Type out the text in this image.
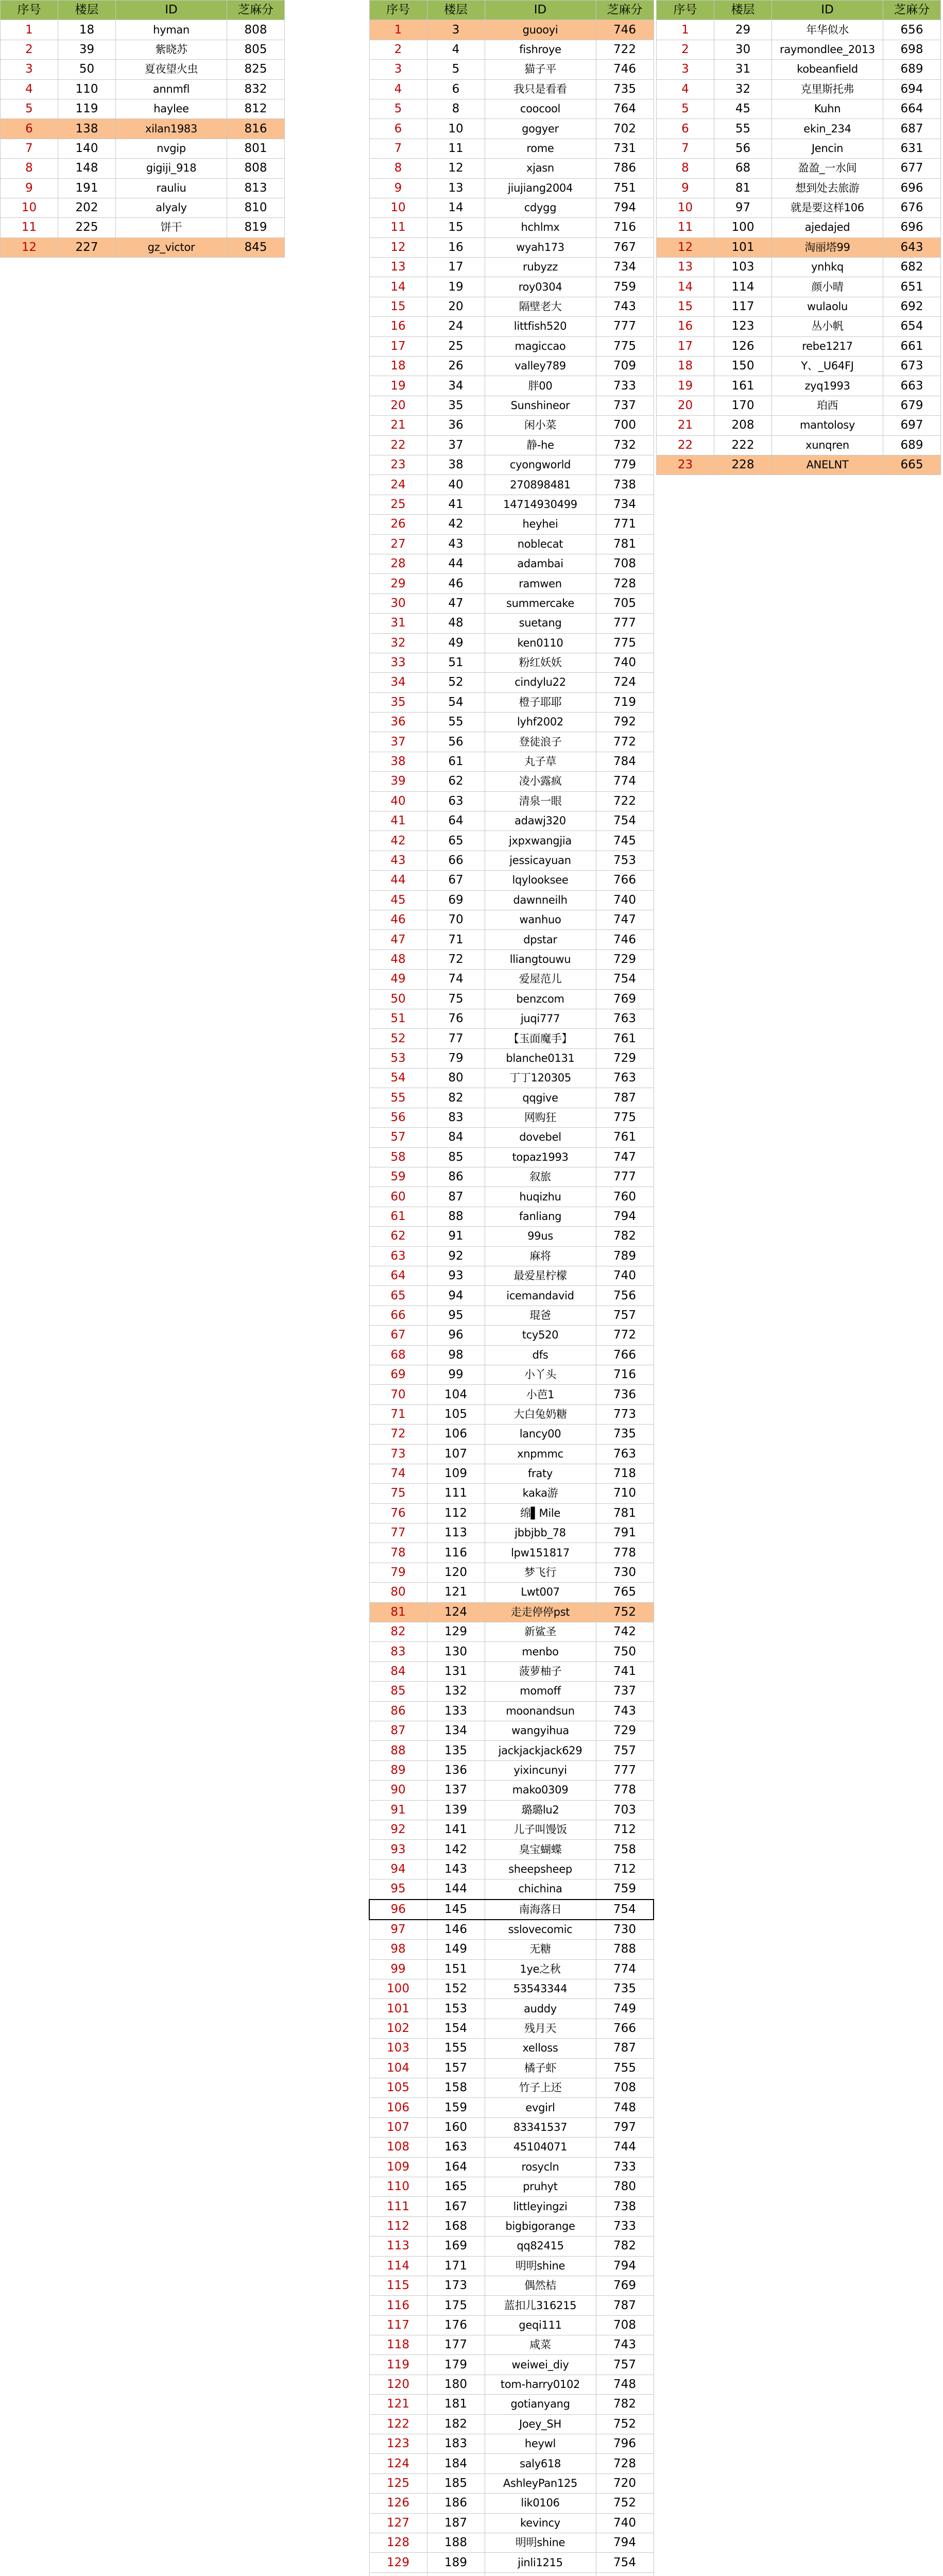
序号	楼层	ID	芝麻分
1	18	hyman	808
2	39	紫晓苏	805
3	50	夏夜望火虫	825
4	110	annmfl	832
5	119	haylee	812
6	138	xilan1983	816
7	140	nvgip	801
8	148	gigiji_918	808
9	191	rauliu	813
10	202	alyaly	810
11	225	饼干	819
12	227	gz_victor	845
序号	楼层	ID	芝麻分
1	3	guooyi	746
2	4	fishroye	722
3	5	猫子平	746
4	6	我只是看看	735
5	8	coocool	764
6	10	gogyer	702
7	11	rome	731
8	12	xjasn	786
9	13	jiujiang2004	751
10	14	cdygg	794
11	15	hchlmx	716
12	16	wyah173	767
13	17	rubyzz	734
14	19	roy0304	759
15	20	隔壁老大	743
16	24	littfish520	777
17	25	magiccao	775
18	26	valley789	709
19	34	胖00	733
20	35	Sunshineor	737
21	36	闲小菜	700
22	37	静-he	732
23	38	cyongworld	779
24	40	270898481	738
25	41	14714930499	734
26	42	heyhei	771
27	43	noblecat	781
28	44	adambai	708
29	46	ramwen	728
30	47	summercake	705
31	48	suetang	777
32	49	ken0110	775
33	51	粉红妖妖	740
34	52	cindylu22	724
35	54	橙子耶耶	719
36	55	lyhf2002	792
37	56	登徒浪子	772
38	61	丸子草	784
39	62	凌小露疯	774
40	63	清泉一眼	722
41	64	adawj320	754
42	65	jxpxwangjia	745
43	66	jessicayuan	753
44	67	lqylooksee	766
45	69	dawnneilh	740
46	70	wanhuo	747
47	71	dpstar	746
48	72	lliangtouwu	729
49	74	爱屋范儿	754
50	75	benzcom	769
51	76	juqi777	763
52	77	【玉面魔手】	761
53	79	blanche0131	729
54	80	丁丁120305	763
55	82	qqgive	787
56	83	网购狂	775
57	84	dovebel	761
58	85	topaz1993	747
59	86	叙旅	777
60	87	huqizhu	760
61	88	fanliang	794
62	91	99us	782
63	92	麻将	789
64	93	最爱星柠檬	740
65	94	icemandavid	756
66	95	琨爸	757
67	96	tcy520	772
68	98	dfs	766
69	99	小丫头	716
70	104	小芭1	736
71	105	大白兔奶糖	773
72	106	lancy00	735
73	107	xnpmmc	763
74	109	fraty	718
75	111	kaka游	710
76	112	绵▌Mile	781
77	113	jbbjbb_78	791
78	116	lpw151817	778
79	120	梦飞行	730
80	121	Lwt007	765
81	124	走走停停pst	752
82	129	新鲨圣	742
83	130	menbo	750
84	131	菠萝柚子	741
85	132	momoff	737
86	133	moonandsun	743
87	134	wangyihua	729
88	135	jackjackjack629	757
89	136	yixincunyi	777
90	137	mako0309	778
91	139	璐璐lu2	703
92	141	儿子叫馒饭	712
93	142	臭宝蝴蝶	758
94	143	sheepsheep	712
95	144	chichina	759
96	145	南海落日	754
97	146	sslovecomic	730
98	149	无糖	788
99	151	1ye之秋	774
100	152	53543344	735
101	153	auddy	749
102	154	残月天	766
103	155	xelloss	787
104	157	橘子虾	755
105	158	竹子上还	708
106	159	evgirl	748
107	160	83341537	797
108	163	45104071	744
109	164	rosycln	733
110	165	pruhyt	780
111	167	littleyingzi	738
112	168	bigbigorange	733
113	169	qq82415	782
114	171	明明shine	794
115	173	偶然桔	769
116	175	蓝扣儿316215	787
117	176	geqi111	708
118	177	咸菜	743
119	179	weiwei_diy	757
120	180	tom-harry0102	748
121	181	gotianyang	782
122	182	Joey_SH	752
123	183	heywl	796
124	184	saly618	728
125	185	AshleyPan125	720
126	186	lik0106	752
127	187	kevincy	740
128	188	明明shine	794
129	189	jinli1215	754

序号	楼层	ID	芝麻分
1	29	年华似水	656
2	30	raymondlee_2013	698
3	31	kobeanfield	689
4	32	克里斯托弗	694
5	45	Kuhn	664
6	55	ekin_234	687
7	56	Jencin	631
8	68	盈盈_一水间	677
9	81	想到处去旅游	696
10	97	就是要这样106	676
11	100	ajedajed	696
12	101	淘丽塔99	643
13	103	ynhkq	682
14	114	颜小晴	651
15	117	wulaolu	692
16	123	丛小帆	654
17	126	rebe1217	661
18	150	Y、_U64FJ	673
19	161	zyq1993	663
20	170	珀西	679
21	208	mantolosy	697
22	222	xunqren	689
23	228	ANELNT	665
